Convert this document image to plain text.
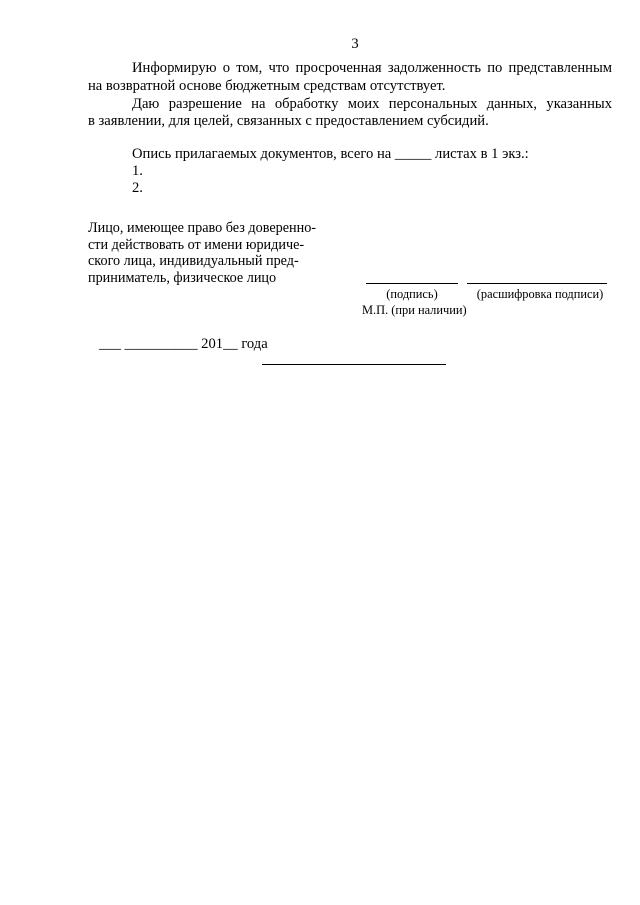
3
Информирую о том, что просроченная задолженность по представленным
на возвратной основе бюджетным средствам отсутствует.
Даю разрешение на обработку моих персональных данных, указанных
в заявлении, для целей, связанных с предоставлением субсидий.
Опись прилагаемых документов, всего на _____ листах в 1 экз.:
1.
2.
Лицо, имеющее право без доверенно-
сти действовать от имени юридиче-
ского лица, индивидуальный пред-
приниматель, физическое лицо
(подпись)	(расшифровка подписи)
М.П. (при наличии)
___ __________ 201__ года
